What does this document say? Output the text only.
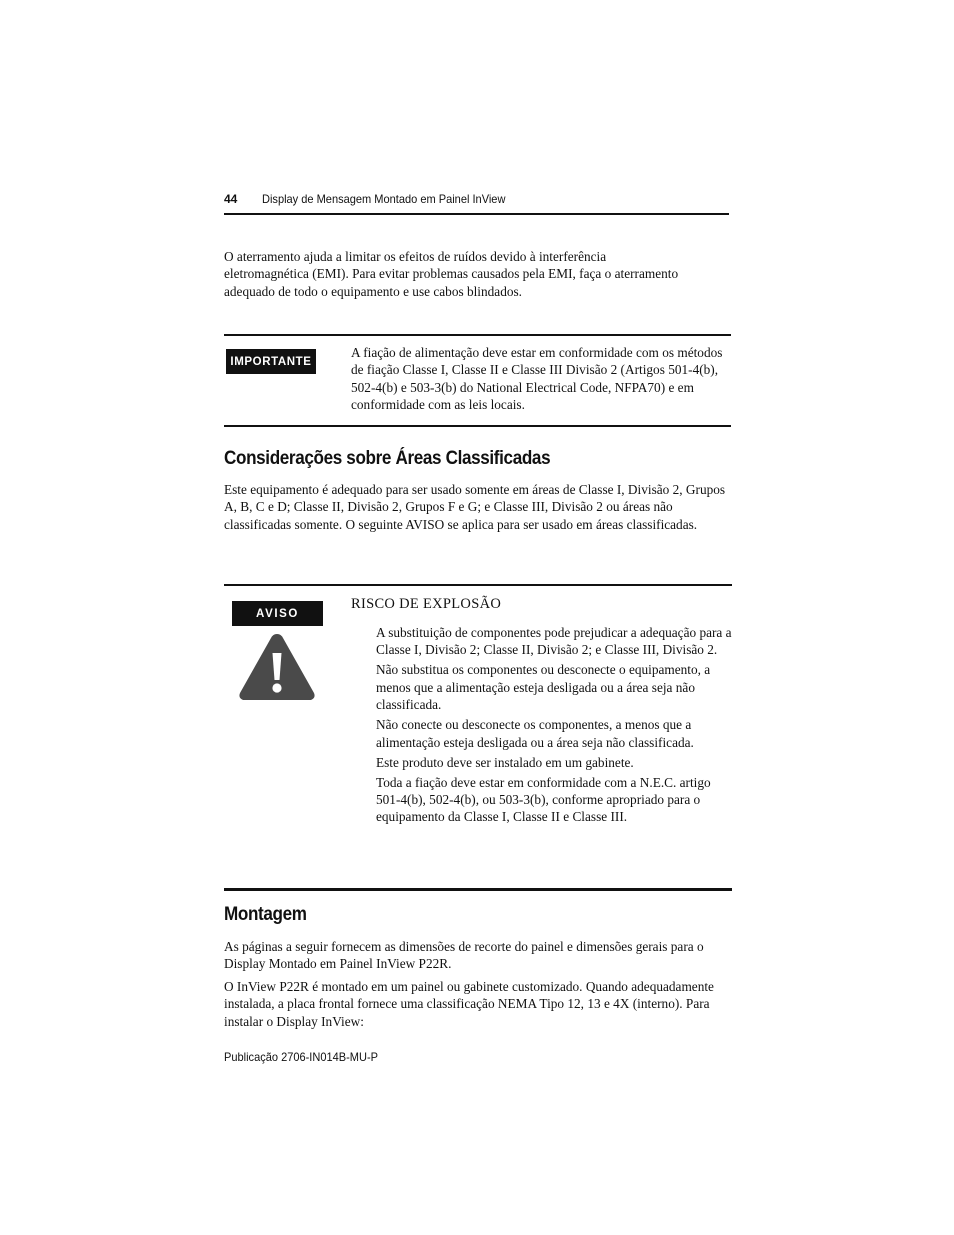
44 Display de Mensagem Montado em Painel InView

O aterramento ajuda a limitar os efeitos de ruídos devido à interferência eletromagnética (EMI). Para evitar problemas causados pela EMI, faça o aterramento adequado de todo o equipamento e use cabos blindados.

IMPORTANTE

A fiação de alimentação deve estar em conformidade com os métodos de fiação Classe I, Classe II e Classe III Divisão 2 (Artigos 501-4(b), 502-4(b) e 503-3(b) do National Electrical Code, NFPA70) e em conformidade com as leis locais.

Considerações sobre Áreas Classificadas

Este equipamento é adequado para ser usado somente em áreas de Classe I, Divisão 2, Grupos A, B, C e D; Classe II, Divisão 2, Grupos F e G; e Classe III, Divisão 2 ou áreas não classificadas somente. O seguinte AVISO se aplica para ser usado em áreas classificadas.

AVISO
RISCO DE EXPLOSÃO
A substituição de componentes pode prejudicar a adequação para a Classe I, Divisão 2; Classe II, Divisão 2; e Classe III, Divisão 2.
Não substitua os componentes ou desconecte o equipamento, a menos que a alimentação esteja desligada ou a área seja não classificada.
Não conecte ou desconecte os componentes, a menos que a alimentação esteja desligada ou a área seja não classificada.
Este produto deve ser instalado em um gabinete.
Toda a fiação deve estar em conformidade com a N.E.C. artigo 501-4(b), 502-4(b), ou 503-3(b), conforme apropriado para o equipamento da Classe I, Classe II e Classe III.
Montagem

As páginas a seguir fornecem as dimensões de recorte do painel e dimensões gerais para o Display Montado em Painel InView P22R.

O InView P22R é montado em um painel ou gabinete customizado. Quando adequadamente instalada, a placa frontal fornece uma classificação NEMA Tipo 12, 13 e 4X (interno). Para instalar o Display InView:

Publicação 2706-IN014B-MU-P
